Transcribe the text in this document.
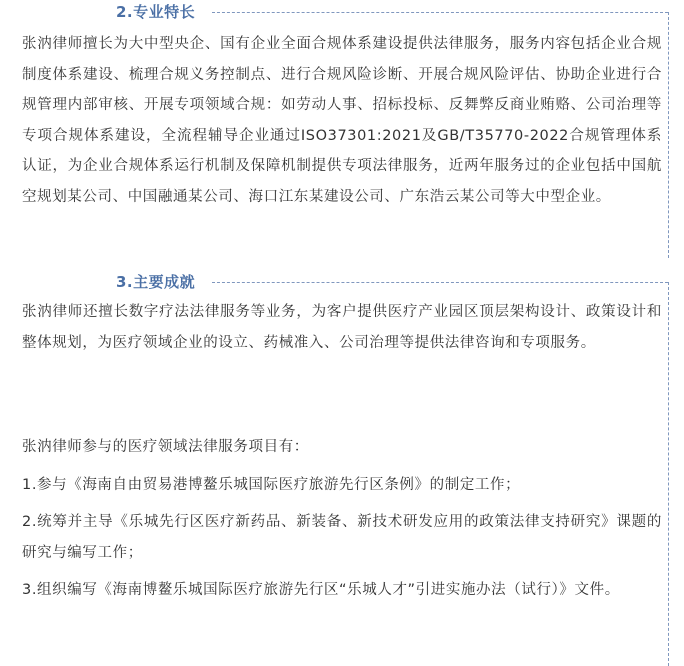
2.专业特长

张汭律师擅长为大中型央企、国有企业全面合规体系建设提供法律服务，服务内容包括企业合规制度体系建设、梳理合规义务控制点、进行合规风险诊断、开展合规风险评估、协助企业进行合规管理内部审核、开展专项领域合规：如劳动人事、招标投标、反舞弊反商业贿赂、公司治理等专项合规体系建设，全流程辅导企业通过ISO37301:2021及GB/T35770-2022合规管理体系认证，为企业合规体系运行机制及保障机制提供专项法律服务，近两年服务过的企业包括中国航空规划某公司、中国融通某公司、海口江东某建设公司、广东浩云某公司等大中型企业。

3.主要成就

张汭律师还擅长数字疗法法律服务等业务，为客户提供医疗产业园区顶层架构设计、政策设计和整体规划，为医疗领域企业的设立、药械准入、公司治理等提供法律咨询和专项服务。

张汭律师参与的医疗领域法律服务项目有：

1.参与《海南自由贸易港博鳌乐城国际医疗旅游先行区条例》的制定工作；

2.统筹并主导《乐城先行区医疗新药品、新装备、新技术研发应用的政策法律支持研究》课题的研究与编写工作；

3.组织编写《海南博鳌乐城国际医疗旅游先行区“乐城人才”引进实施办法（试行）》文件。
